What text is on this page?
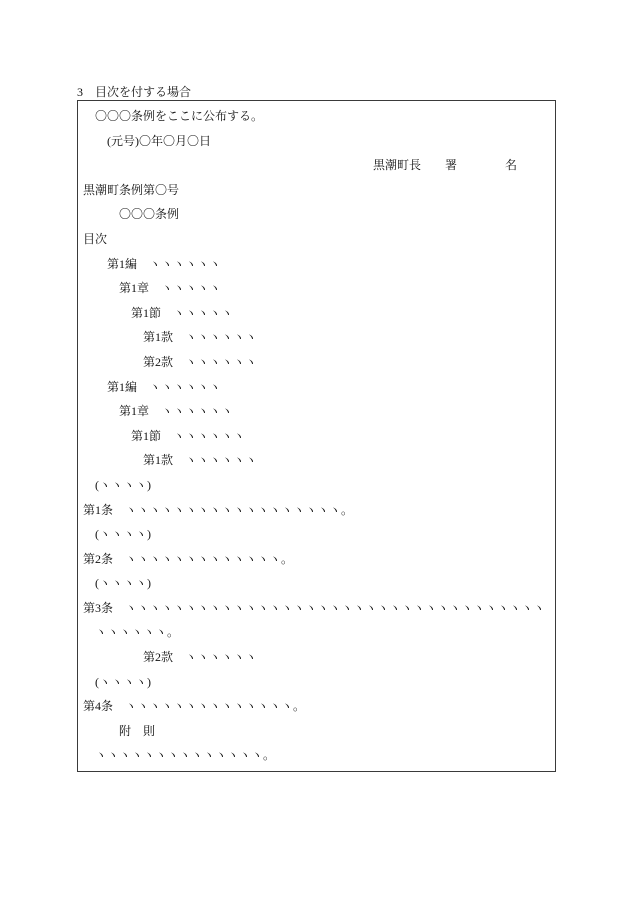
3　目次を付する場合
〇〇〇条例をここに公布する。
(元号)〇年〇月〇日
黒潮町長 署　　　　名
黒潮町条例第〇号
〇〇〇条例
目次
第1編 ヽヽヽヽヽヽ
第1章 ヽヽヽヽヽ
第1節 ヽヽヽヽヽ
第1款 ヽヽヽヽヽヽ
第2款 ヽヽヽヽヽヽ
第1編 ヽヽヽヽヽヽ
第1章 ヽヽヽヽヽヽ
第1節 ヽヽヽヽヽヽ
第1款 ヽヽヽヽヽヽ
(ヽヽヽヽ)
第1条 ヽヽヽヽヽヽヽヽヽヽヽヽヽヽヽヽヽヽ。
(ヽヽヽヽ)
第2条 ヽヽヽヽヽヽヽヽヽヽヽヽヽ。
(ヽヽヽヽ)
第3条 ヽヽヽヽヽヽヽヽヽヽヽヽヽヽヽヽヽヽヽヽヽヽヽヽヽヽヽヽヽヽヽヽヽヽヽ
ヽヽヽヽヽヽ。
第2款 ヽヽヽヽヽヽ
(ヽヽヽヽ)
第4条 ヽヽヽヽヽヽヽヽヽヽヽヽヽヽ。
附　則
ヽヽヽヽヽヽヽヽヽヽヽヽヽヽ。
